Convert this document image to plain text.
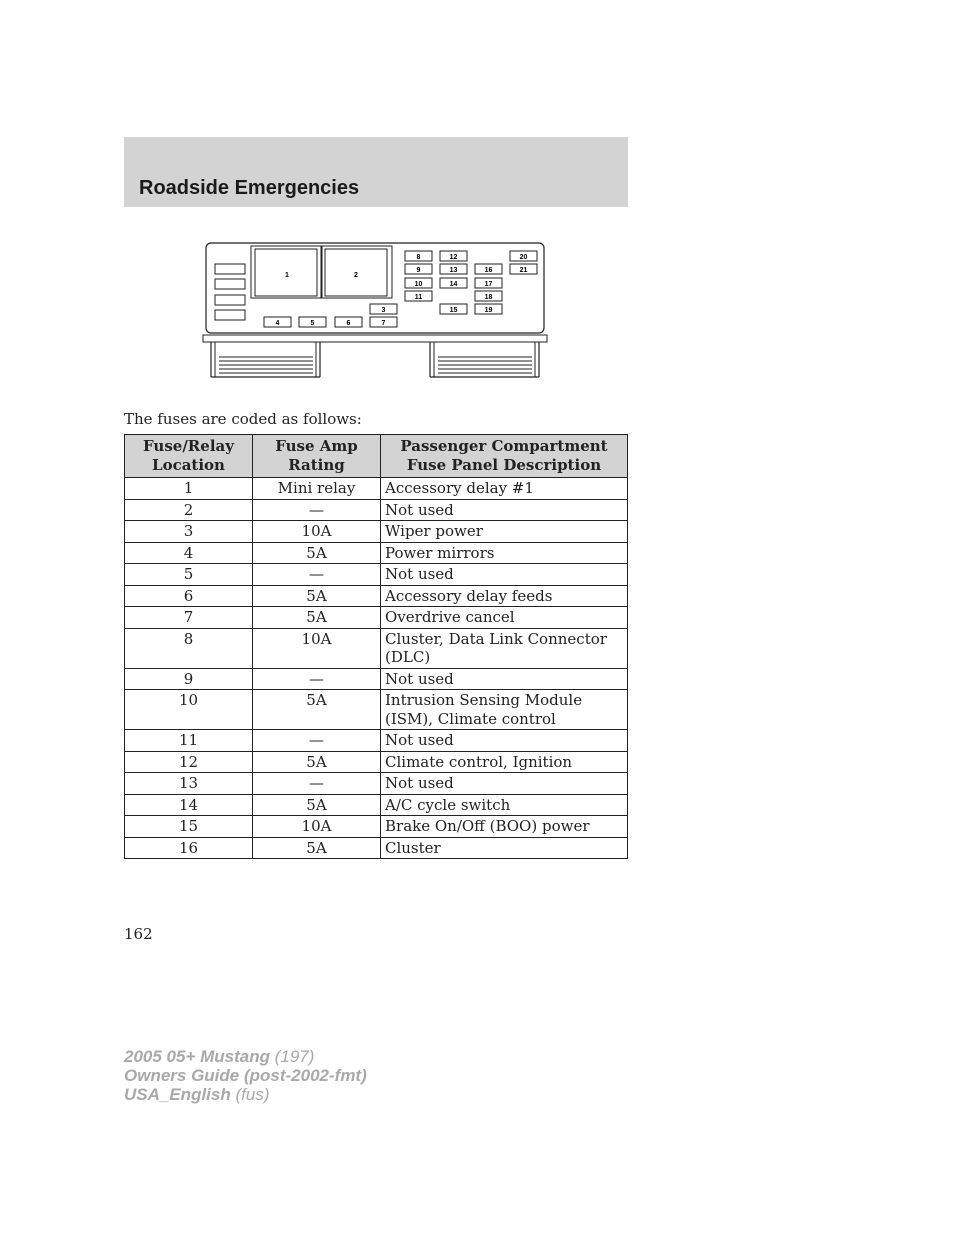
Roadside Emergencies
1	2
4	5	6
3
7
8
9
10
11
12
13
14
15
16
17
18
19
20
21

The fuses are coded as follows:

Fuse/Relay Location	Fuse Amp Rating	Passenger Compartment Fuse Panel Description
1	Mini relay	Accessory delay #1
2	—	Not used
3	10A	Wiper power
4	5A	Power mirrors
5	—	Not used
6	5A	Accessory delay feeds
7	5A	Overdrive cancel
8	10A	Cluster, Data Link Connector (DLC)
9	—	Not used
10	5A	Intrusion Sensing Module (ISM), Climate control
11	—	Not used
12	5A	Climate control, Ignition
13	—	Not used
14	5A	A/C cycle switch
15	10A	Brake On/Off (BOO) power
16	5A	Cluster

162

2005 05+ Mustang (197)
Owners Guide (post-2002-fmt)
USA_English (fus)
